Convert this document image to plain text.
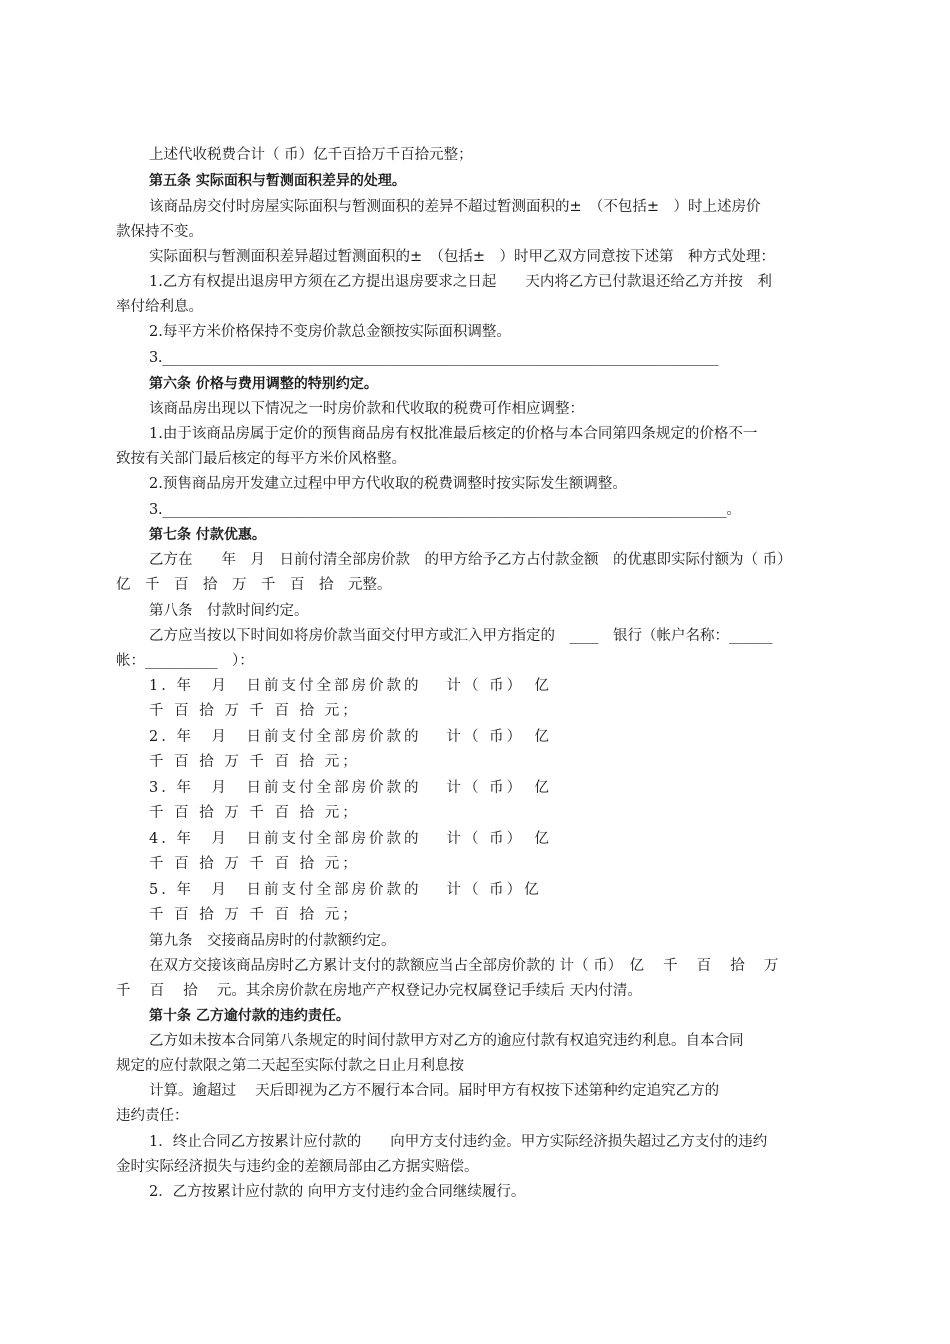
上述代收税费合计（ 币）亿千百拾万千百拾元整；
第五条 实际面积与暂测面积差异的处理。
该商品房交付时房屋实际面积与暂测面积的差异不超过暂测面积的±　（不包括±　）时上述房价
款保持不变。
实际面积与暂测面积差异超过暂测面积的±　（包括±　）时甲乙双方同意按下述第　种方式处理：
1.乙方有权提出退房甲方须在乙方提出退房要求之日起　　天内将乙方已付款退还给乙方并按　利
率付给利息。
2.每平方米价格保持不变房价款总金额按实际面积调整。
3.________________________________________________________________________________
第六条 价格与费用调整的特别约定。
该商品房出现以下情况之一时房价款和代收取的税费可作相应调整：
1.由于该商品房属于定价的预售商品房有权批准最后核定的价格与本合同第四条规定的价格不一
致按有关部门最后核定的每平方米价风格整。
2.预售商品房开发建立过程中甲方代收取的税费调整时按实际发生额调整。
3.________________________________________________________________________________。
第七条 付款优惠。
乙方在　　年　月　日前付清全部房价款　的甲方给予乙方占付款金额　的优惠即实际付额为（ 币）
亿　千　百　拾　万　千　百　拾　元整。
第八条　付款时间约定。
乙方应当按以下时间如将房价款当面交付甲方或汇入甲方指定的　____　银行（帐户名称：______
帐：__________　）：
1. 年　月　日前支付全部房价款的　 计（ 币）　亿
千 百 拾 万 千 百 拾 元；
2. 年　月　日前支付全部房价款的　 计（ 币）　亿
千 百 拾 万 千 百 拾 元；
3. 年　月　日前支付全部房价款的　 计（ 币）　亿
千 百 拾 万 千 百 拾 元；
4. 年　月　日前支付全部房价款的　 计（ 币）　亿
千 百 拾 万 千 百 拾 元；
5. 年　月　日前支付全部房价款的　 计（ 币）亿
千 百 拾 万 千 百 拾 元；
第九条　交接商品房时的付款额约定。
在双方交接该商品房时乙方累计支付的款额应当占全部房价款的 计（ 币）　亿　 千　 百　 拾　 万
千　 百　 拾　 元。其余房价款在房地产产权登记办完权属登记手续后 天内付清。
第十条 乙方逾付款的违约责任。
乙方如未按本合同第八条规定的时间付款甲方对乙方的逾应付款有权追究违约利息。自本合同
规定的应付款限之第二天起至实际付款之日止月利息按
计算。逾超过　 天后即视为乙方不履行本合同。届时甲方有权按下述第种约定追究乙方的
违约责任：
1．终止合同乙方按累计应付款的　　向甲方支付违约金。甲方实际经济损失超过乙方支付的违约
金时实际经济损失与违约金的差额局部由乙方据实赔偿。
2．乙方按累计应付款的 向甲方支付违约金合同继续履行。
